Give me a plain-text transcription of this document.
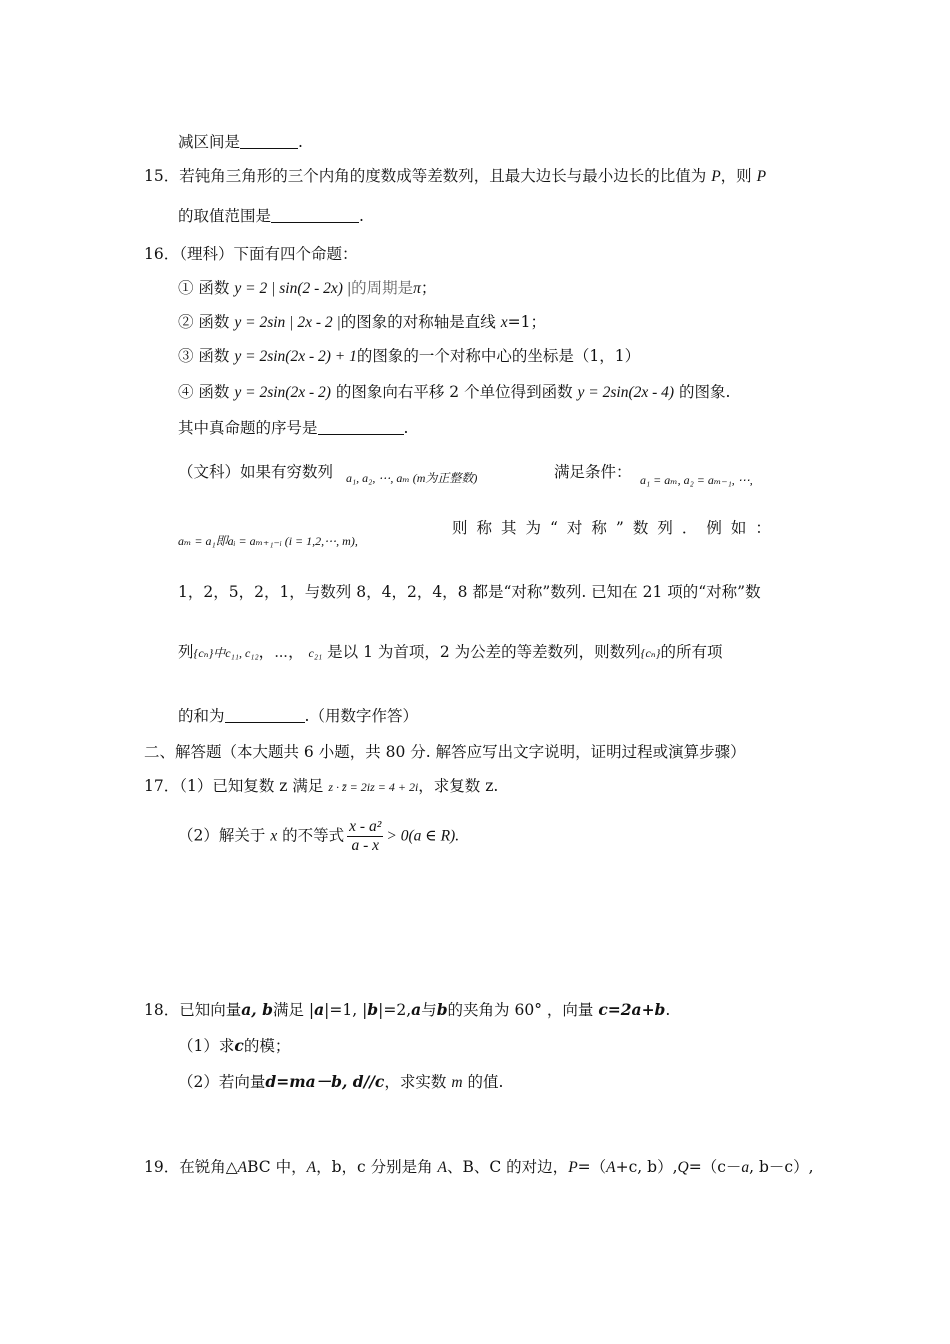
减区间是	.
15．若钝角三角形的三个内角的度数成等差数列，且最大边长与最小边长的比值为 P，则 P
的取值范围是	.
16．（理科）下面有四个命题：
① 函数 y = 2 | sin(2 - 2x) |的周期是π；
② 函数 y = 2sin | 2x - 2 |的图象的对称轴是直线 x=1；
③ 函数 y = 2sin(2x - 2) + 1的图象的一个对称中心的坐标是（1，1）
④ 函数 y = 2sin(2x - 2) 的图象向右平移 2 个单位得到函数 y = 2sin(2x - 4) 的图象.
其中真命题的序号是	.
（文科）如果有穷数列 a₁, a₂, ⋯, aₘ (m为正整数)	满足条件： a₁ = aₘ, a₂ = aₘ₋₁, ⋯,
aₘ = a₁即aᵢ = aₘ₊₁₋ᵢ (i = 1,2,⋯, m),
则称其为“对称”数列．例如：
1，2，5，2，1，与数列 8，4，2，4，8 都是“对称”数列. 已知在 21 项的“对称”数
列{cₙ}中c₁₁, c₁₂，⋯， c₂₁ 是以 1 为首项，2 为公差的等差数列，则数列{cₙ}的所有项
的和为	.（用数字作答）
二、解答题（本大题共 6 小题，共 80 分. 解答应写出文字说明，证明过程或演算步骤）
17．（1）已知复数 z 满足 z · z̄ = 2iz = 4 + 2i，求复数 z.
（2）解关于 x 的不等式 $\frac{\text{x - a²}}{a - x} > 0(a$ ∈ R).
18．已知向量a, b满足 |a|=1, |b|=2,a与b的夹角为 60° ，向量 c=2a+b.
（1）求c的模；
（2）若向量d=ma－b, d//c，求实数 m 的值.
19．在锐角△ABC 中，A，b，c 分别是角 A、B、C 的对边，P=（A+c, b）,Q=（c－a, b－c）,
